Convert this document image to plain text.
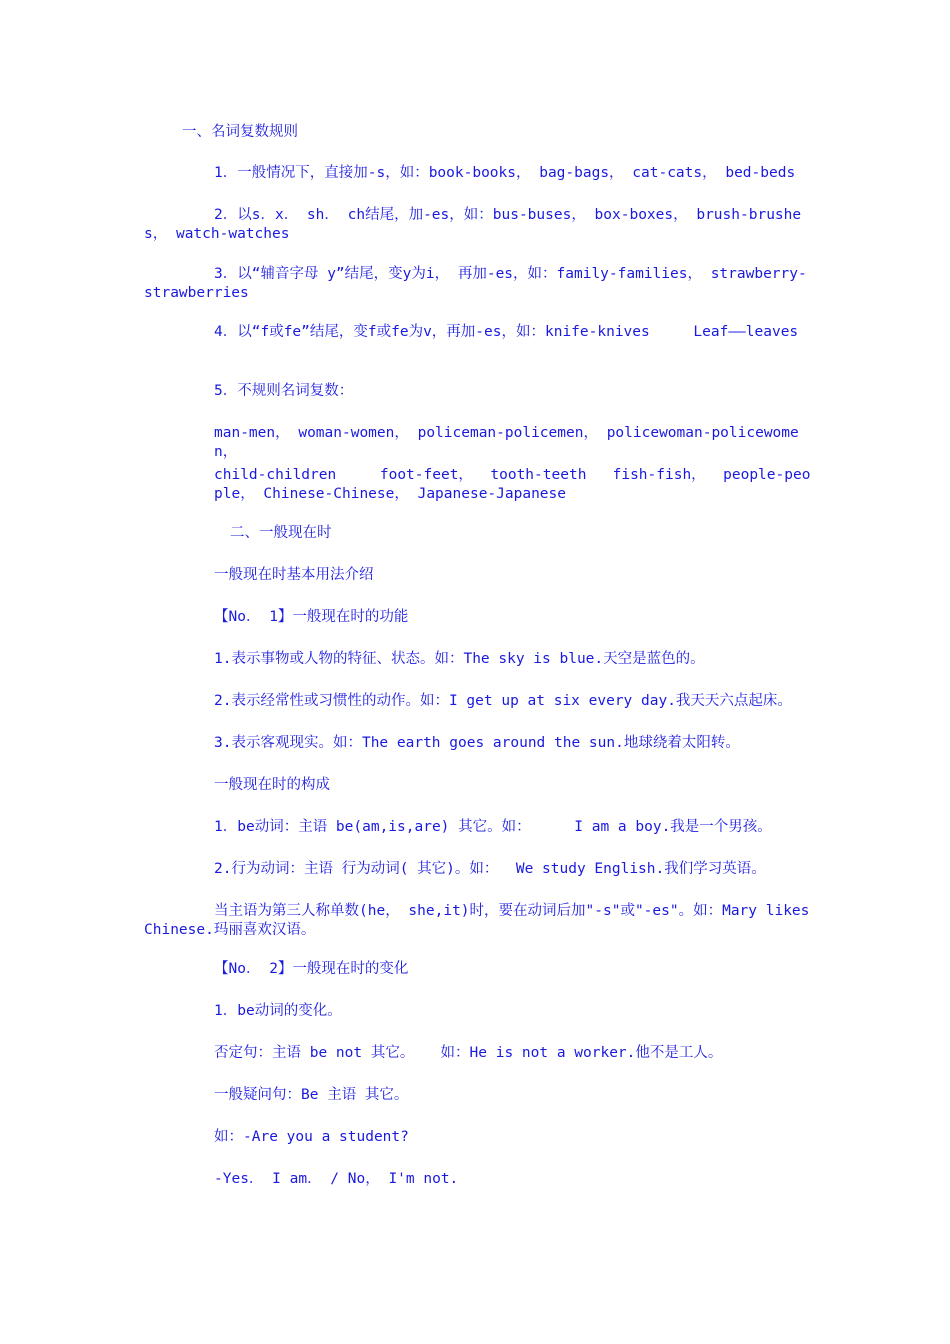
一、名词复数规则
1．一般情况下，直接加-s，如：book-books， bag-bags， cat-cats， bed-beds
2．以s．x． sh． ch结尾，加-es，如：bus-buses， box-boxes， brush-brushes， watch-watches
3．以“辅音字母 y”结尾，变y为i， 再加-es，如：family-families， strawberry-strawberries
4．以“f或fe”结尾，变f或fe为v，再加-es，如：knife-knives     Leaf——leaves
5．不规则名词复数：
man-men， woman-women， policeman-policemen， policewoman-policewomen，
child-children     foot-feet，  tooth-teeth   fish-fish，  people-people， Chinese-Chinese， Japanese-Japanese
二、一般现在时
一般现在时基本用法介绍
【No． 1】一般现在时的功能
1.表示事物或人物的特征、状态。如：The sky is blue.天空是蓝色的。
2.表示经常性或习惯性的动作。如：I get up at six every day.我天天六点起床。
3.表示客观现实。如：The earth goes around the sun.地球绕着太阳转。
一般现在时的构成
1．be动词：主语 be(am,is,are) 其它。如：     I am a boy.我是一个男孩。
2.行为动词：主语 行为动词( 其它)。如：  We study English.我们学习英语。
当主语为第三人称单数(he， she,it)时，要在动词后加"-s"或"-es"。如：Mary likes Chinese.玛丽喜欢汉语。
【No． 2】一般现在时的变化
1．be动词的变化。
否定句：主语 be not 其它。   如：He is not a worker.他不是工人。
一般疑问句：Be 主语 其它。
如：-Are you a student?
-Yes． I am． / No， I'm not.
